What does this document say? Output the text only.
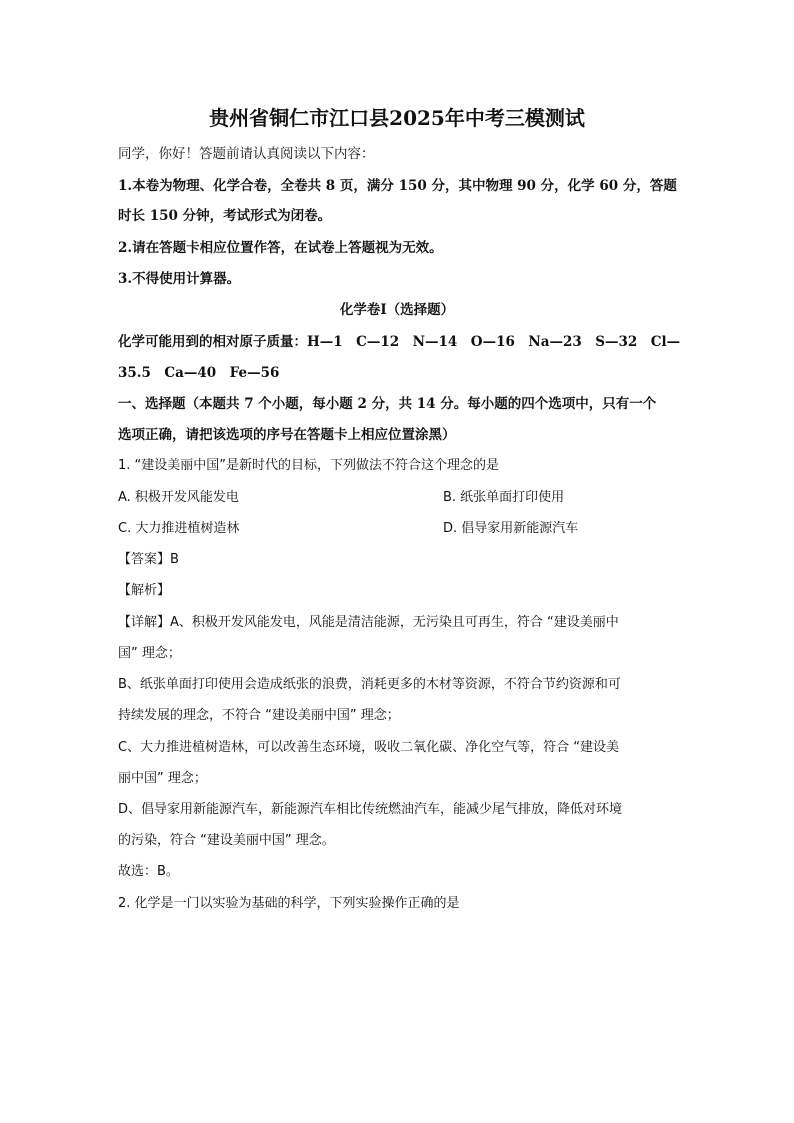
贵州省铜仁市江口县2025年中考三模测试
同学，你好！答题前请认真阅读以下内容：
1.本卷为物理、化学合卷，全卷共 8 页，满分 150 分，其中物理 90 分，化学 60 分，答题
时长 150 分钟，考试形式为闭卷。
2.请在答题卡相应位置作答，在试卷上答题视为无效。
3.不得使用计算器。
化学卷Ⅰ（选择题）
化学可能用到的相对原子质量：H—1　C—12　N—14　O—16　Na—23　S—32　Cl—
35.5　Ca—40　Fe—56
一、选择题（本题共 7 个小题，每小题 2 分，共 14 分。每小题的四个选项中，只有一个
选项正确，请把该选项的序号在答题卡上相应位置涂黑）
1. “建设美丽中国”是新时代的目标，下列做法不符合这个理念的是
A. 积极开发风能发电	B. 纸张单面打印使用
C. 大力推进植树造林	D. 倡导家用新能源汽车
【答案】B
【解析】
【详解】A、积极开发风能发电，风能是清洁能源，无污染且可再生，符合 “建设美丽中
国” 理念；
B、纸张单面打印使用会造成纸张的浪费，消耗更多的木材等资源，不符合节约资源和可
持续发展的理念，不符合 “建设美丽中国” 理念；
C、大力推进植树造林，可以改善生态环境，吸收二氧化碳、净化空气等，符合 “建设美
丽中国” 理念；
D、倡导家用新能源汽车，新能源汽车相比传统燃油汽车，能减少尾气排放，降低对环境
的污染，符合 “建设美丽中国” 理念。
故选：B。
2. 化学是一门以实验为基础的科学，下列实验操作正确的是
